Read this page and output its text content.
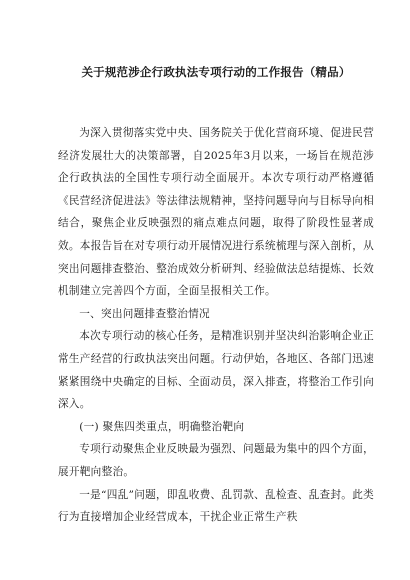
关于规范涉企行政执法专项行动的工作报告（精品）

为深入贯彻落实党中央、国务院关于优化营商环境、促进民营经济发展壮大的决策部署，自2025年3月以来，一场旨在规范涉企行政执法的全国性专项行动全面展开。本次专项行动严格遵循《民营经济促进法》等法律法规精神，坚持问题导向与目标导向相结合，聚焦企业反映强烈的痛点难点问题，取得了阶段性显著成效。本报告旨在对专项行动开展情况进行系统梳理与深入剖析，从突出问题排查整治、整治成效分析研判、经验做法总结提炼、长效机制建立完善四个方面，全面呈报相关工作。

一、突出问题排查整治情况

本次专项行动的核心任务，是精准识别并坚决纠治影响企业正常生产经营的行政执法突出问题。行动伊始，各地区、各部门迅速紧紧围绕中央确定的目标、全面动员，深入排查，将整治工作引向深入。

(一) 聚焦四类重点，明确整治靶向

专项行动聚焦企业反映最为强烈、问题最为集中的四个方面，展开靶向整治。

一是“四乱”问题，即乱收费、乱罚款、乱检查、乱查封。此类行为直接增加企业经营成本，干扰企业正常生产秩
